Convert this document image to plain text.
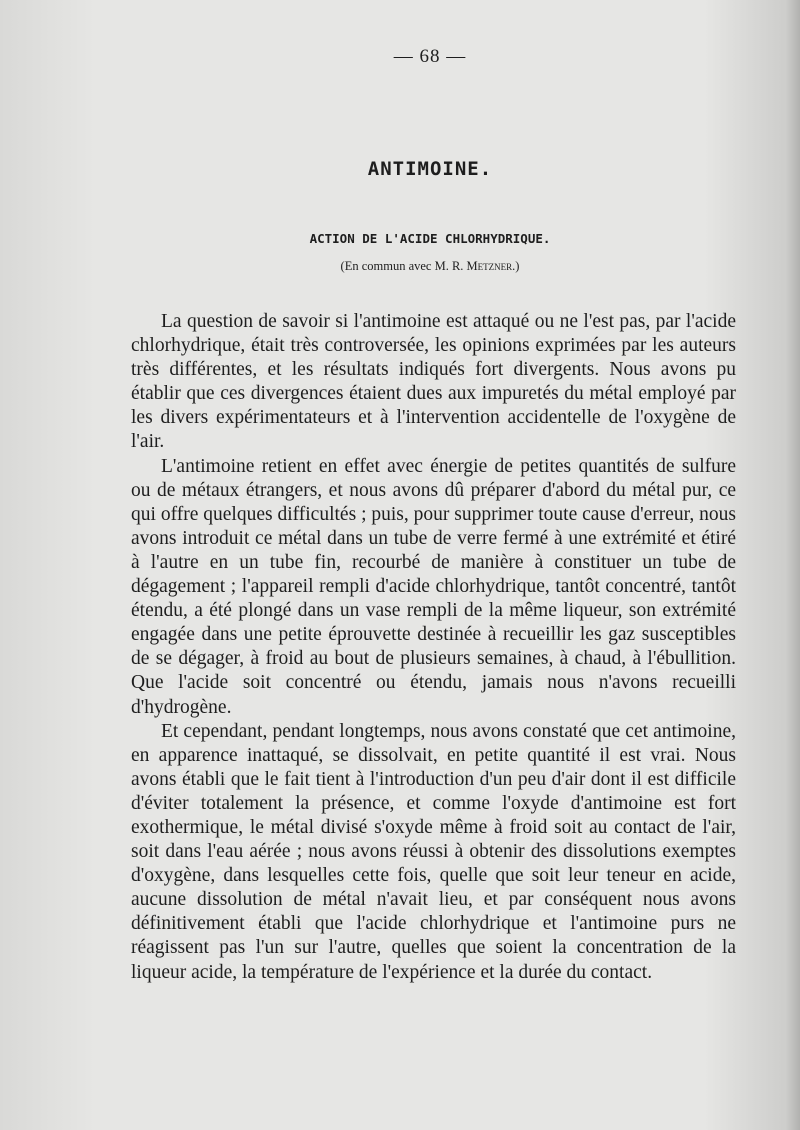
— 68 —
ANTIMOINE.
ACTION DE L'ACIDE CHLORHYDRIQUE.
(En commun avec M. R. Metzner.)

La question de savoir si l'antimoine est attaqué ou ne l'est pas, par l'acide chlorhydrique, était très controversée, les opinions exprimées par les auteurs très différentes, et les résultats indiqués fort divergents. Nous avons pu établir que ces divergences étaient dues aux impuretés du métal employé par les divers expérimentateurs et à l'intervention accidentelle de l'oxygène de l'air.

L'antimoine retient en effet avec énergie de petites quantités de sulfure ou de métaux étrangers, et nous avons dû préparer d'abord du métal pur, ce qui offre quelques difficultés ; puis, pour supprimer toute cause d'erreur, nous avons introduit ce métal dans un tube de verre fermé à une extrémité et étiré à l'autre en un tube fin, recourbé de manière à constituer un tube de dégagement ; l'appareil rempli d'acide chlorhydrique, tantôt concentré, tantôt étendu, a été plongé dans un vase rempli de la même liqueur, son extrémité engagée dans une petite éprouvette destinée à recueillir les gaz susceptibles de se dégager, à froid au bout de plusieurs semaines, à chaud, à l'ébullition. Que l'acide soit concentré ou étendu, jamais nous n'avons recueilli d'hydrogène.

Et cependant, pendant longtemps, nous avons constaté que cet antimoine, en apparence inattaqué, se dissolvait, en petite quantité il est vrai. Nous avons établi que le fait tient à l'introduction d'un peu d'air dont il est difficile d'éviter totalement la présence, et comme l'oxyde d'antimoine est fort exothermique, le métal divisé s'oxyde même à froid soit au contact de l'air, soit dans l'eau aérée ; nous avons réussi à obtenir des dissolutions exemptes d'oxygène, dans lesquelles cette fois, quelle que soit leur teneur en acide, aucune dissolution de métal n'avait lieu, et par conséquent nous avons définitivement établi que l'acide chlorhydrique et l'antimoine purs ne réagissent pas l'un sur l'autre, quelles que soient la concentration de la liqueur acide, la température de l'expérience et la durée du contact.
